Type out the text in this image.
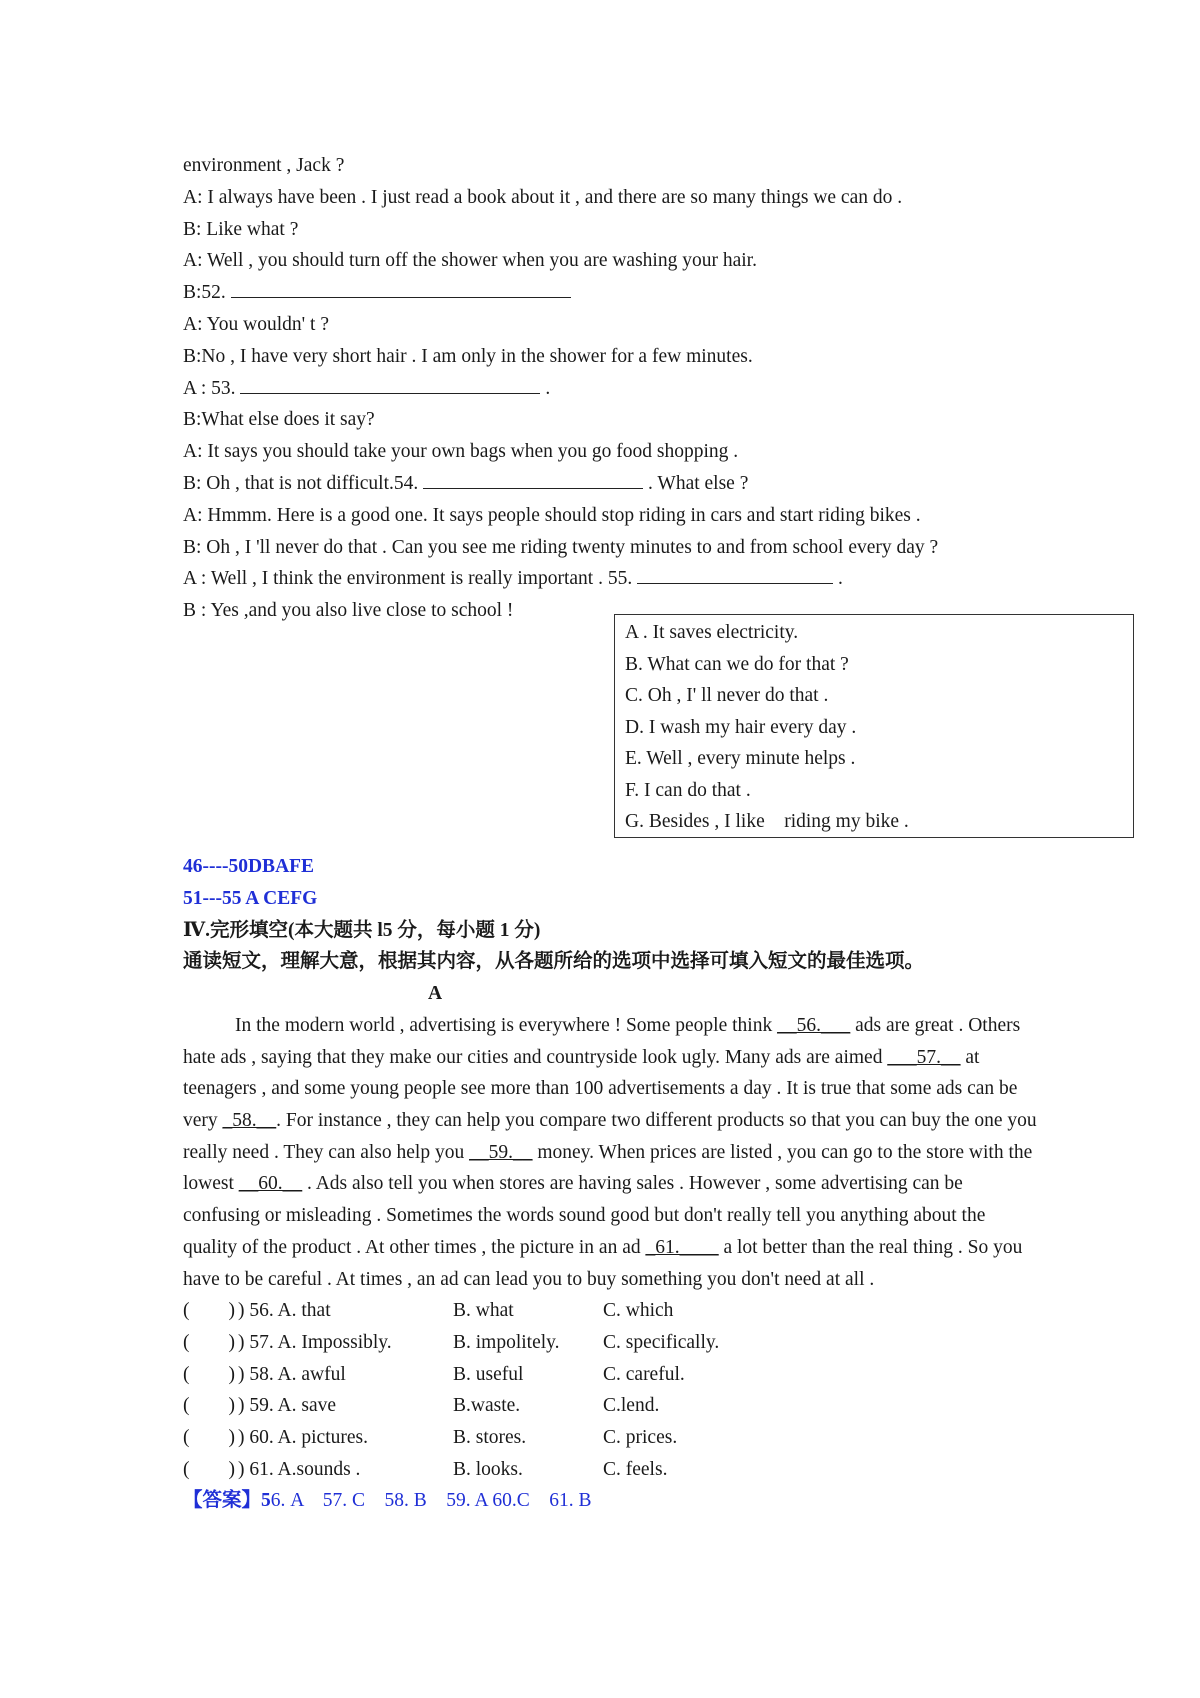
environment , Jack ?

A: I always have been . I just read a book about it , and there are so many things we can do .

B: Like what ?

A: Well , you should turn off the shower when you are washing your hair.

B:52.

A: You wouldn' t ?

B:No , I have very short hair . I am only in the shower for a few minutes.

A : 53.	.

B:What else does it say?

A: It says you should take your own bags when you go food shopping .

B: Oh , that is not difficult.54.	. What else ?

A: Hmmm. Here is a good one. It says people should stop riding in cars and start riding bikes .

B: Oh , I 'll never do that . Can you see me riding twenty minutes to and from school every day ?

A : Well , I think the environment is really important . 55.	.

B : Yes ,and you also live close to school !

46----50DBAFE

51---55 A CEFG

Ⅳ.完形填空(本大题共 l5 分，每小题 1 分)

通读短文，理解大意，根据其内容，从各题所给的选项中选择可填入短文的最佳选项。

A

In the modern world , advertising is everywhere ! Some people think __56.___ ads are great . Others hate ads , saying that they make our cities and countryside look ugly. Many ads are aimed ___57.__ at teenagers , and some young people see more than 100 advertisements a day . It is true that some ads can be very _58.__. For instance , they can help you compare two different products so that you can buy the one you really need . They can also help you __59.__ money. When prices are listed , you can go to the store with the lowest __60.__ . Ads also tell you when stores are having sales . However , some advertising can be confusing or misleading . Sometimes the words sound good but don't really tell you anything about the quality of the product . At other times , the picture in an ad _61.____ a lot better than the real thing . So you have to be careful . At times , an ad can lead you to buy something you don't need at all .

(        ) ) 56. A. that	B. what	C. which
(        ) ) 57. A. Impossibly.	B. impolitely.	C. specifically.
(        ) ) 58. A. awful	B. useful	C. careful.
(        ) ) 59. A. save	B.waste.	C.lend.
(        ) ) 60. A. pictures.	B. stores.	C. prices.
(        ) ) 61. A.sounds .	B. looks.	C. feels.

【答案】56. A    57. C    58. B    59. A 60.C    61. B

A . It saves electricity.

B. What can we do for that ?

C. Oh , I' ll never do that .

D. I wash my hair every day .

E. Well , every minute helps .

F. I can do that .

G. Besides , I like    riding my bike .
